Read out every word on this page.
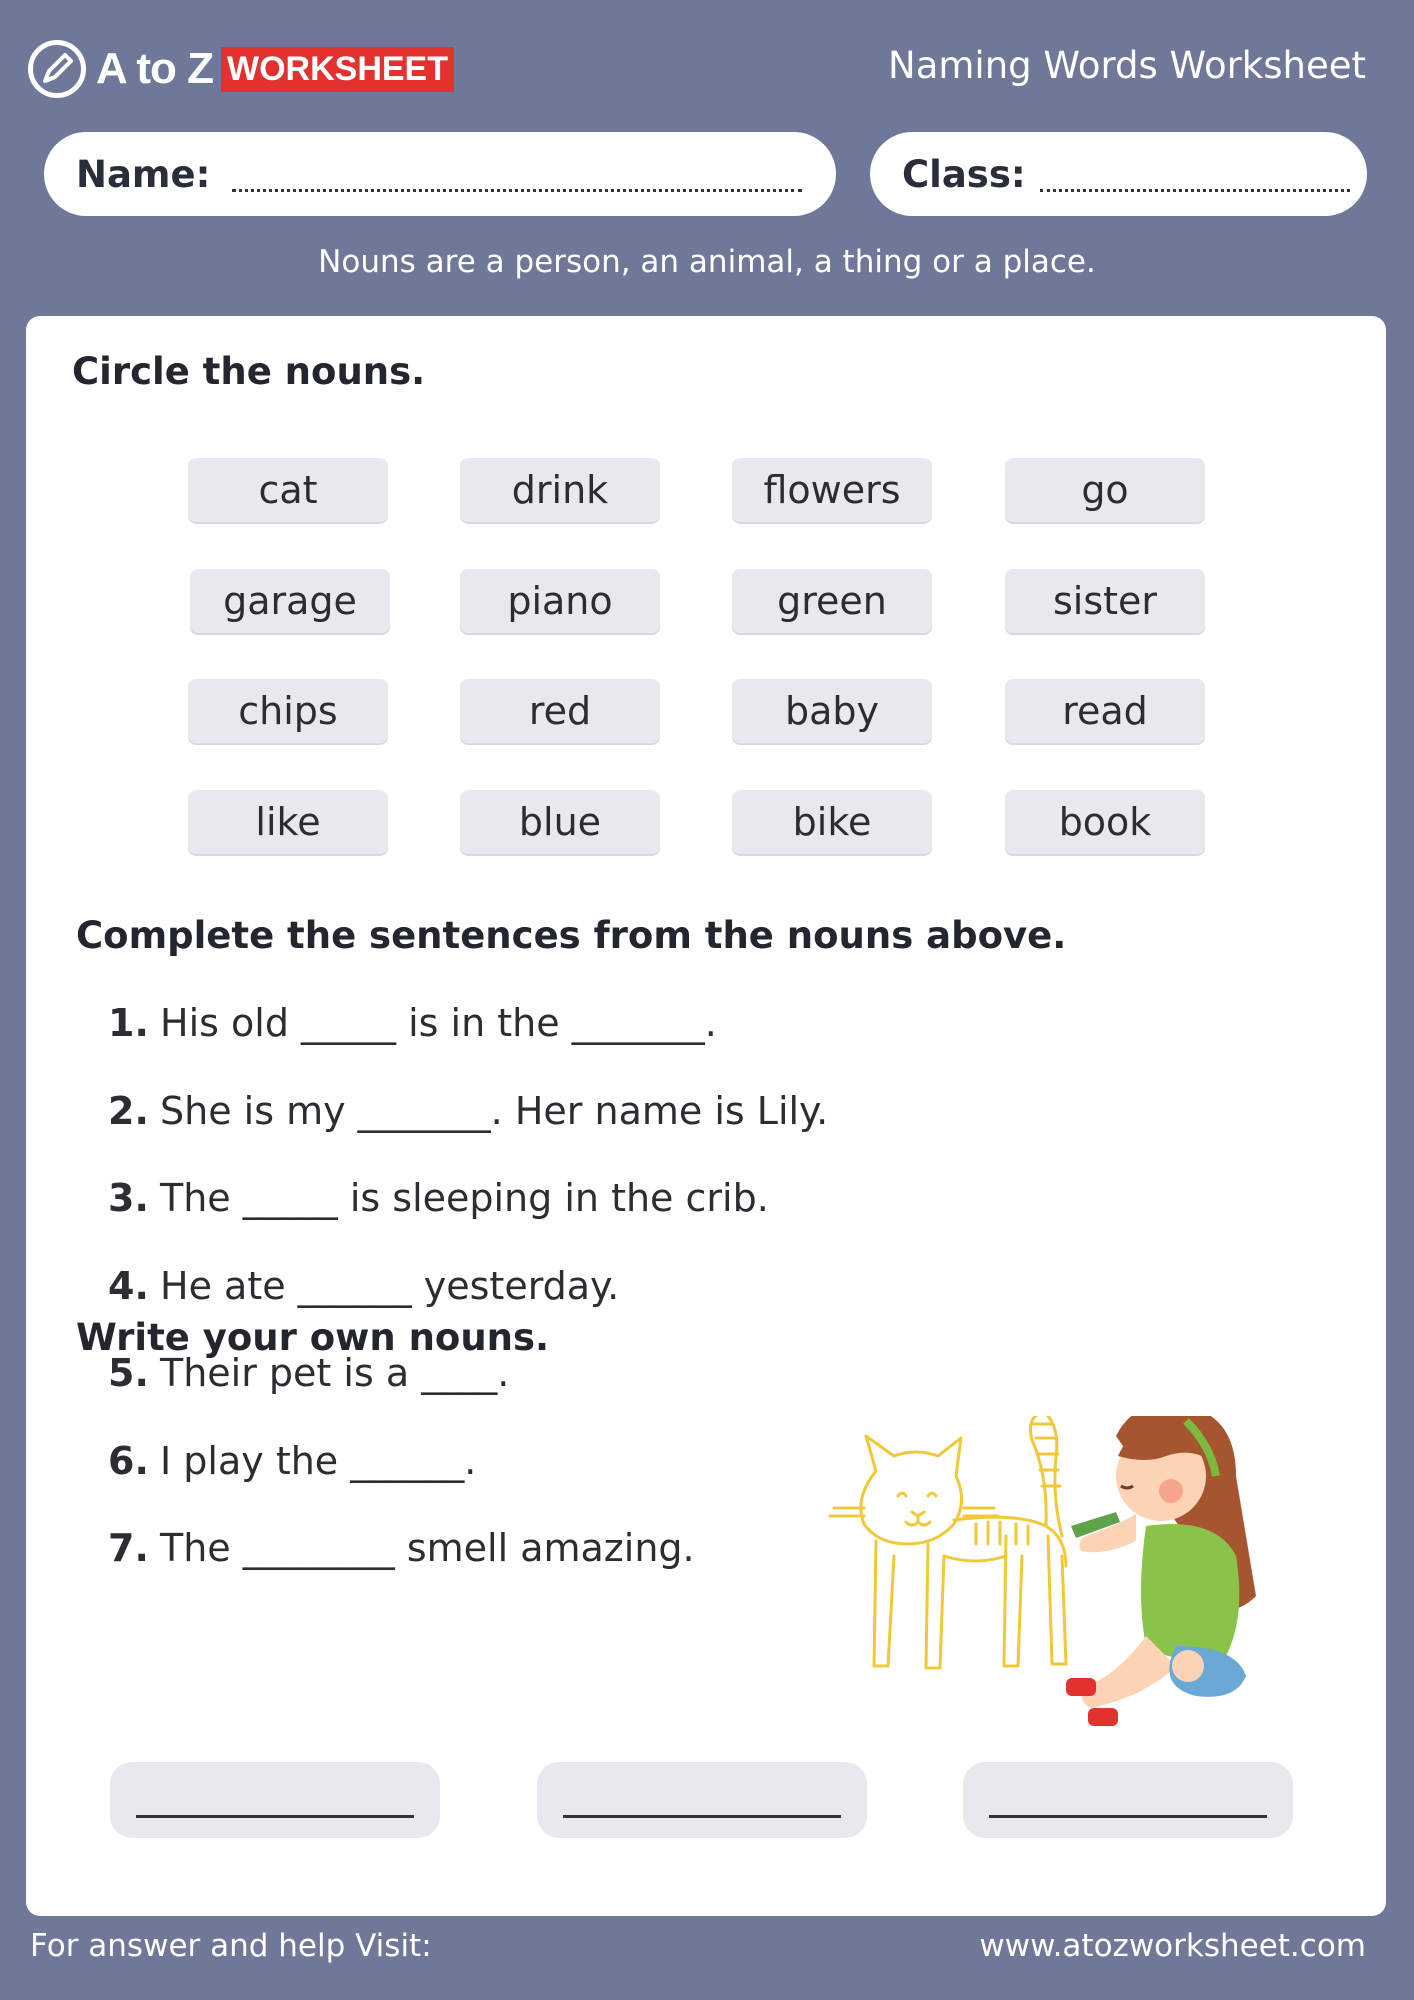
A to Z WORKSHEET	Naming Words Worksheet
Name:	Class:
Nouns are a person, an animal, a thing or a place.
Circle the nouns.
cat	drink	flowers	go
garage	piano	green	sister
chips	red	baby	read
like	blue	bike	book
Complete the sentences from the nouns above.
1. His old _____ is in the _______.
2. She is my _______. Her name is Lily.
3. The _____ is sleeping in the crib.
4. He ate ______ yesterday.
5. Their pet is a ____.
6. I play the ______.
7. The ________ smell amazing.
Write your own nouns.
For answer and help Visit:	www.atozworksheet.com
